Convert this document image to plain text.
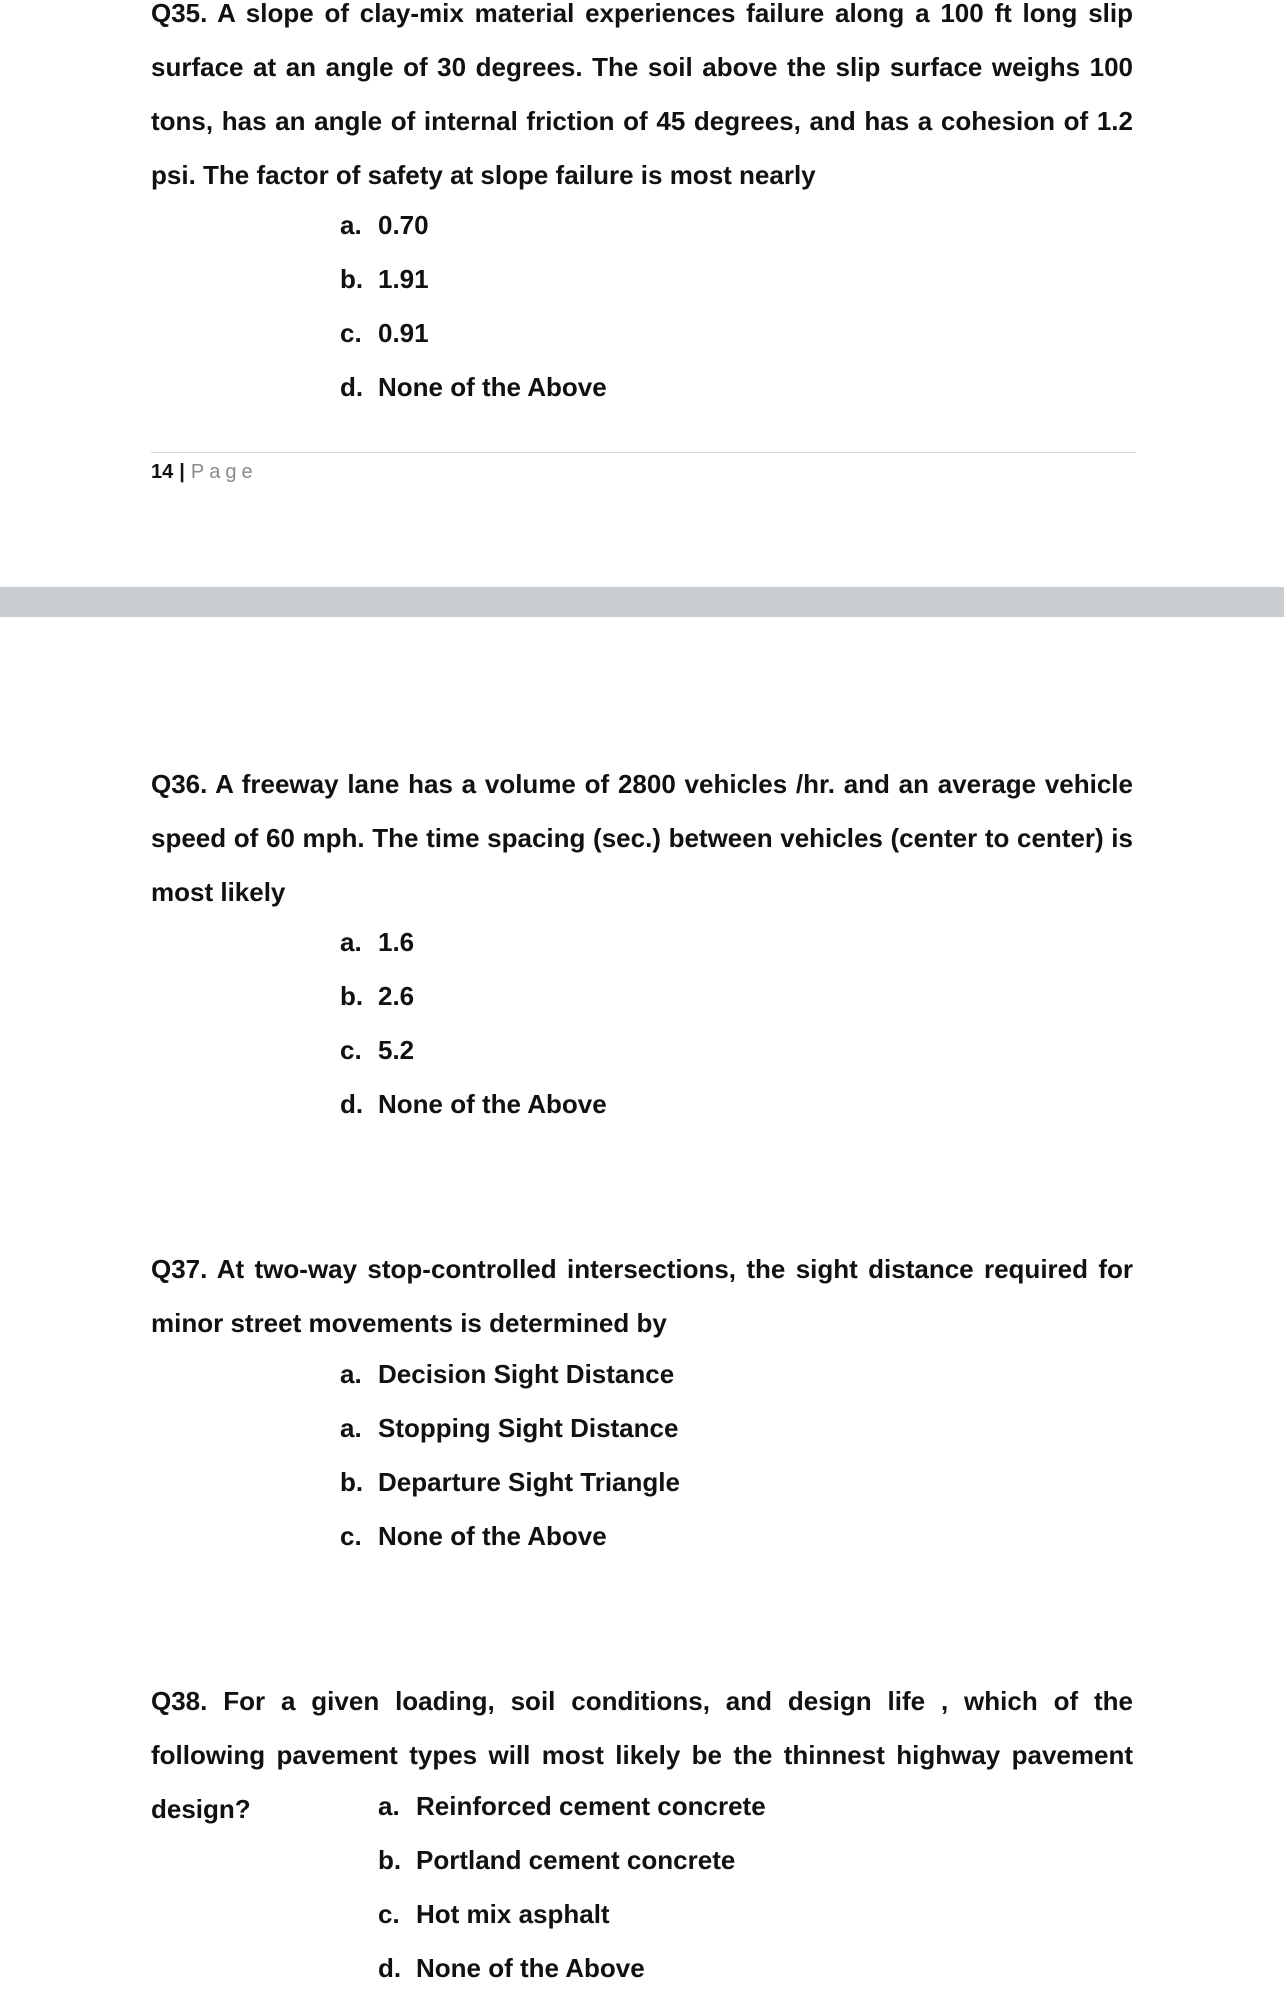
Q35. A slope of clay-mix material experiences failure along a 100 ft long slip surface at an angle of 30 degrees. The soil above the slip surface weighs 100 tons, has an angle of internal friction of 45 degrees, and has a cohesion of 1.2 psi. The factor of safety at slope failure is most nearly

a. 0.70
b. 1.91
c. 0.91
d. None of the Above
14 | Page

Q36. A freeway lane has a volume of 2800 vehicles /hr. and an average vehicle speed of 60 mph. The time spacing (sec.) between vehicles (center to center) is most likely

a. 1.6
b. 2.6
c. 5.2
d. None of the Above

Q37. At two-way stop-controlled intersections, the sight distance required for minor street movements is determined by

a. Decision Sight Distance
a. Stopping Sight Distance
b. Departure Sight Triangle
c. None of the Above

Q38. For a given loading, soil conditions, and design life , which of the following pavement types will most likely be the thinnest highway pavement design?	a. Reinforced cement concrete
b. Portland cement concrete
c. Hot mix asphalt
d. None of the Above
